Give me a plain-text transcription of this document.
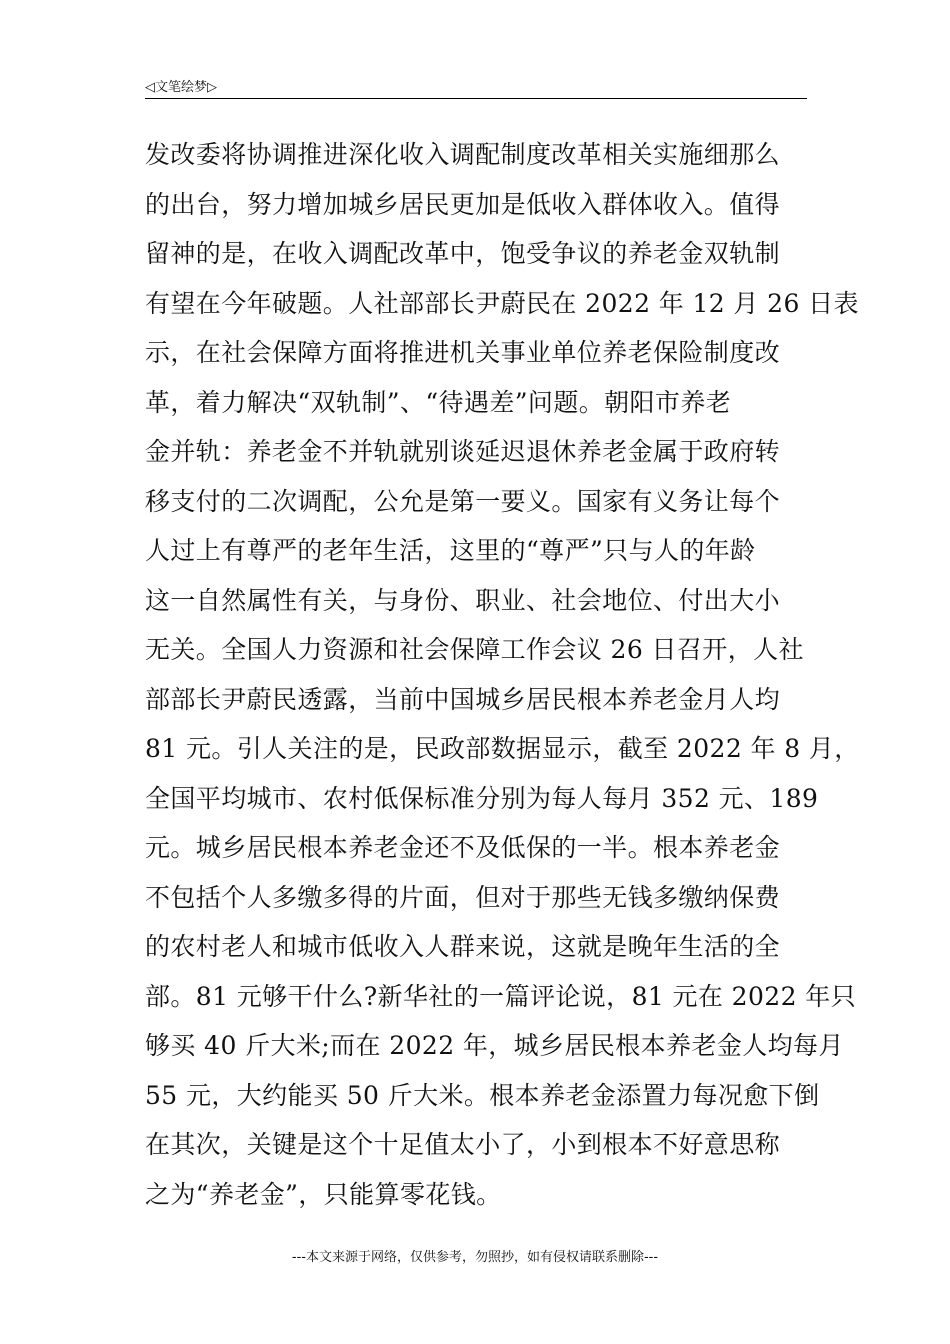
◁文笔绘梦▷
发改委将协调推进深化收入调配制度改革相关实施细那么
的出台，努力增加城乡居民更加是低收入群体收入。值得
留神的是，在收入调配改革中，饱受争议的养老金双轨制
有望在今年破题。人社部部长尹蔚民在 2022 年 12 月 26 日表
示，在社会保障方面将推进机关事业单位养老保险制度改
革，着力解决“双轨制”、“待遇差”问题。朝阳市养老
金并轨：养老金不并轨就别谈延迟退休养老金属于政府转
移支付的二次调配，公允是第一要义。国家有义务让每个
人过上有尊严的老年生活，这里的“尊严”只与人的年龄
这一自然属性有关，与身份、职业、社会地位、付出大小
无关。全国人力资源和社会保障工作会议 26 日召开，人社
部部长尹蔚民透露，当前中国城乡居民根本养老金月人均
81 元。引人关注的是，民政部数据显示，截至 2022 年 8 月，
全国平均城市、农村低保标准分别为每人每月 352 元、189
元。城乡居民根本养老金还不及低保的一半。根本养老金
不包括个人多缴多得的片面，但对于那些无钱多缴纳保费
的农村老人和城市低收入人群来说，这就是晚年生活的全
部。81 元够干什么?新华社的一篇评论说，81 元在 2022 年只
够买 40 斤大米;而在 2022 年，城乡居民根本养老金人均每月
55 元，大约能买 50 斤大米。根本养老金添置力每况愈下倒
在其次，关键是这个十足值太小了，小到根本不好意思称
之为“养老金”，只能算零花钱。
---本文来源于网络，仅供参考，勿照抄，如有侵权请联系删除---
